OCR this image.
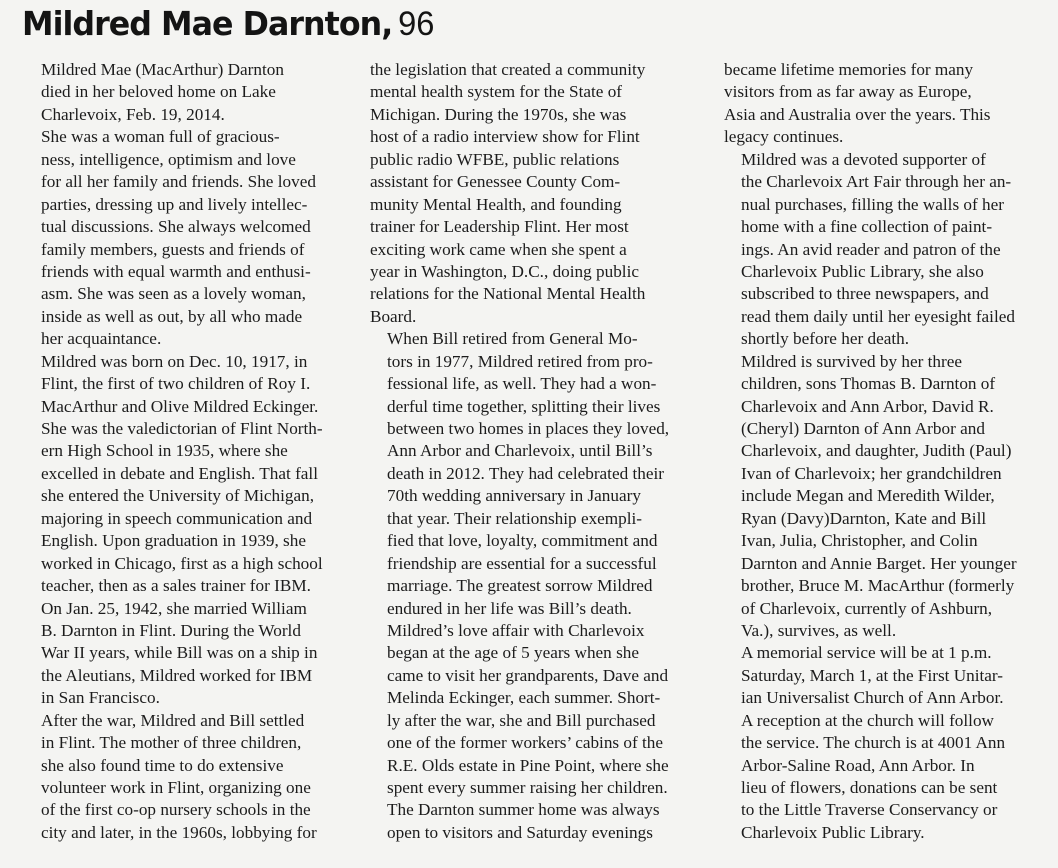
Mildred Mae Darnton, 96

Mildred Mae (MacArthur) Darnton
died in her beloved home on Lake
Charlevoix, Feb. 19, 2014.

She was a woman full of gracious-
ness, intelligence, optimism and love
for all her family and friends. She loved
parties, dressing up and lively intellec-
tual discussions. She always welcomed
family members, guests and friends of
friends with equal warmth and enthusi-
asm. She was seen as a lovely woman,
inside as well as out, by all who made
her acquaintance.

Mildred was born on Dec. 10, 1917, in
Flint, the first of two children of Roy I.
MacArthur and Olive Mildred Eckinger.
She was the valedictorian of Flint North-
ern High School in 1935, where she
excelled in debate and English. That fall
she entered the University of Michigan,
majoring in speech communication and
English. Upon graduation in 1939, she
worked in Chicago, first as a high school
teacher, then as a sales trainer for IBM.

On Jan. 25, 1942, she married William
B. Darnton in Flint. During the World
War II years, while Bill was on a ship in
the Aleutians, Mildred worked for IBM
in San Francisco.

After the war, Mildred and Bill settled
in Flint. The mother of three children,
she also found time to do extensive
volunteer work in Flint, organizing one
of the first co-op nursery schools in the
city and later, in the 1960s, lobbying for

the legislation that created a community
mental health system for the State of
Michigan. During the 1970s, she was
host of a radio interview show for Flint
public radio WFBE, public relations
assistant for Genessee County Com-
munity Mental Health, and founding
trainer for Leadership Flint. Her most
exciting work came when she spent a
year in Washington, D.C., doing public
relations for the National Mental Health
Board.

When Bill retired from General Mo-
tors in 1977, Mildred retired from pro-
fessional life, as well. They had a won-
derful time together, splitting their lives
between two homes in places they loved,
Ann Arbor and Charlevoix, until Bill’s
death in 2012. They had celebrated their
70th wedding anniversary in January
that year. Their relationship exempli-
fied that love, loyalty, commitment and
friendship are essential for a successful
marriage. The greatest sorrow Mildred
endured in her life was Bill’s death.

Mildred’s love affair with Charlevoix
began at the age of 5 years when she
came to visit her grandparents, Dave and
Melinda Eckinger, each summer. Short-
ly after the war, she and Bill purchased
one of the former workers’ cabins of the
R.E. Olds estate in Pine Point, where she
spent every summer raising her children.
The Darnton summer home was always
open to visitors and Saturday evenings

became lifetime memories for many
visitors from as far away as Europe,
Asia and Australia over the years. This
legacy continues.

Mildred was a devoted supporter of
the Charlevoix Art Fair through her an-
nual purchases, filling the walls of her
home with a fine collection of paint-
ings. An avid reader and patron of the
Charlevoix Public Library, she also
subscribed to three newspapers, and
read them daily until her eyesight failed
shortly before her death.

Mildred is survived by her three
children, sons Thomas B. Darnton of
Charlevoix and Ann Arbor, David R.
(Cheryl) Darnton of Ann Arbor and
Charlevoix, and daughter, Judith (Paul)
Ivan of Charlevoix; her grandchildren
include Megan and Meredith Wilder,
Ryan (Davy)Darnton, Kate and Bill
Ivan, Julia, Christopher, and Colin
Darnton and Annie Barget. Her younger
brother, Bruce M. MacArthur (formerly
of Charlevoix, currently of Ashburn,
Va.), survives, as well.

A memorial service will be at 1 p.m.
Saturday, March 1, at the First Unitar-
ian Universalist Church of Ann Arbor.
A reception at the church will follow
the service. The church is at 4001 Ann
Arbor-Saline Road, Ann Arbor. In
lieu of flowers, donations can be sent
to the Little Traverse Conservancy or
Charlevoix Public Library.
